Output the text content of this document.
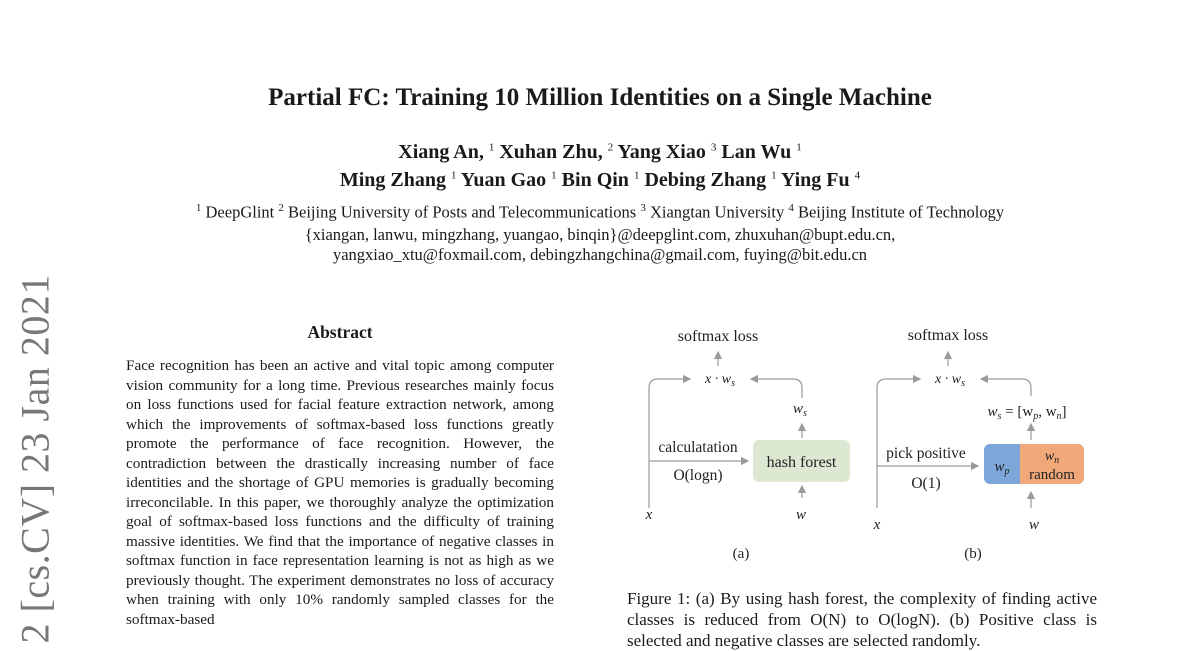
Partial FC: Training 10 Million Identities on a Single Machine
Xiang An, $^1$ Xuhan Zhu, $^2$ Yang Xiao $^3$ Lan Wu $^1$
Ming Zhang $^1$ Yuan Gao $^1$ Bin Qin $^1$ Debing Zhang $^1$ Ying Fu $^4$
$^1$ DeepGlint $^2$ Beijing University of Posts and Telecommunications $^3$ Xiangtan University $^4$ Beijing Institute of Technology
{xiangan, lanwu, mingzhang, yuangao, binqin}@deepglint.com, zhuxuhan@bupt.edu.cn,
yangxiao_xtu@foxmail.com, debingzhangchina@gmail.com, fuying@bit.edu.cn
2 [cs.CV] 23 Jan 2021	Abstract
Face recognition has been an active and vital topic among computer vision community for a long time. Previous researches mainly focus on loss functions used for facial feature extraction network, among which the improvements of softmax-based loss functions greatly promote the performance of face recognition. However, the contradiction between the drastically increasing number of face identities and the shortage of GPU memories is gradually becoming irreconcilable. In this paper, we thoroughly analyze the optimization goal of softmax-based loss functions and the difficulty of training massive identities. We find that the importance of negative classes in softmax function in face representation learning is not as high as we previously thought. The experiment demonstrates no loss of accuracy when training with only 10% randomly sampled classes for the softmax-based
softmax loss
$x \cdot w_s$
$w_s$
calculatation
O(logn)
hash forest
x	w
(a)
softmax loss
$x \cdot w_s$
$w_s = [w_p$, $w_n$]
pick positive
O(1)
$w_p$
$w_n$
random
x	w
(b)
Figure 1: (a) By using hash forest, the complexity of finding active classes is reduced from O(N) to O(logN). (b) Positive class is selected and negative classes are selected randomly.
